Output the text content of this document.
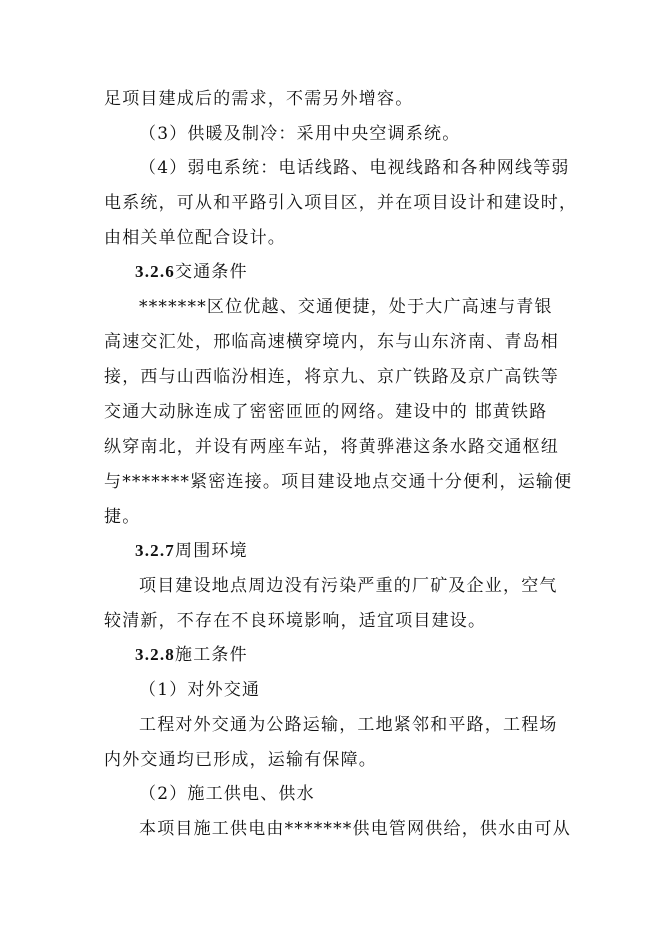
足项目建成后的需求，不需另外增容。
（3）供暖及制冷：采用中央空调系统。
（4）弱电系统：电话线路、电视线路和各种网线等弱
电系统，可从和平路引入项目区，并在项目设计和建设时，
由相关单位配合设计。
3.2.6交通条件
*******区位优越、交通便捷，处于大广高速与青银
高速交汇处，邢临高速横穿境内，东与山东济南、青岛相
接，西与山西临汾相连，将京九、京广铁路及京广高铁等
交通大动脉连成了密密匝匝的网络。建设中的 邯黄铁路
纵穿南北，并设有两座车站，将黄骅港这条水路交通枢纽
与*******紧密连接。项目建设地点交通十分便利，运输便
捷。
3.2.7周围环境
项目建设地点周边没有污染严重的厂矿及企业，空气
较清新，不存在不良环境影响，适宜项目建设。
3.2.8施工条件
（1）对外交通
工程对外交通为公路运输，工地紧邻和平路，工程场
内外交通均已形成，运输有保障。
（2）施工供电、供水
本项目施工供电由*******供电管网供给，供水由可从
